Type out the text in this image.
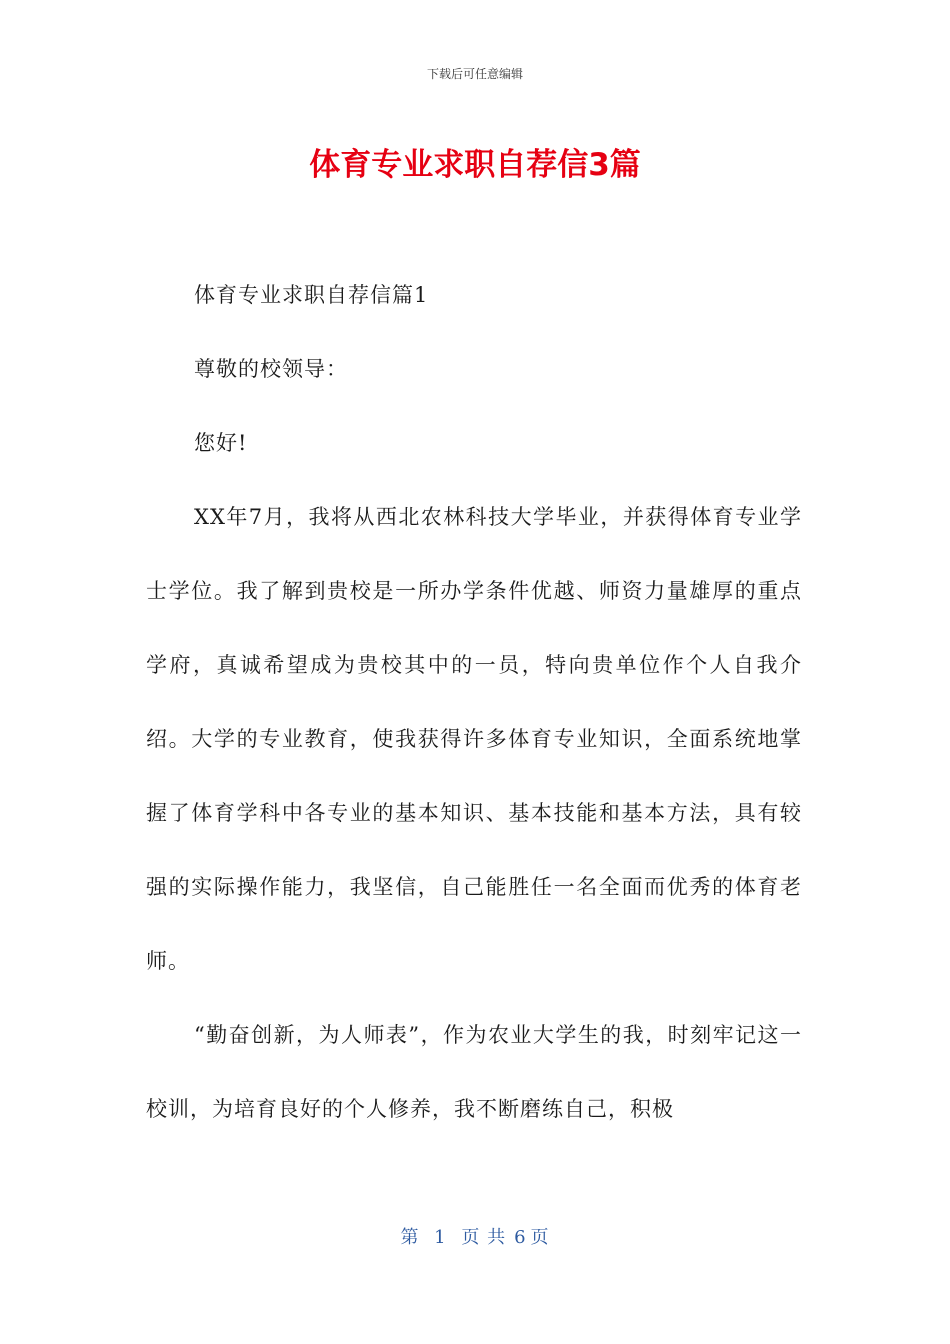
下载后可任意编辑
体育专业求职自荐信3篇

体育专业求职自荐信篇1

尊敬的校领导：

您好!

XX年7月，我将从西北农林科技大学毕业，并获得体育专业学士学位。我了解到贵校是一所办学条件优越、师资力量雄厚的重点学府，真诚希望成为贵校其中的一员，特向贵单位作个人自我介绍。大学的专业教育，使我获得许多体育专业知识，全面系统地掌握了体育学科中各专业的基本知识、基本技能和基本方法，具有较强的实际操作能力，我坚信，自己能胜任一名全面而优秀的体育老师。

“勤奋创新，为人师表”，作为农业大学生的我，时刻牢记这一校训，为培育良好的个人修养，我不断磨练自己，积极

第 1 页 共 6 页
